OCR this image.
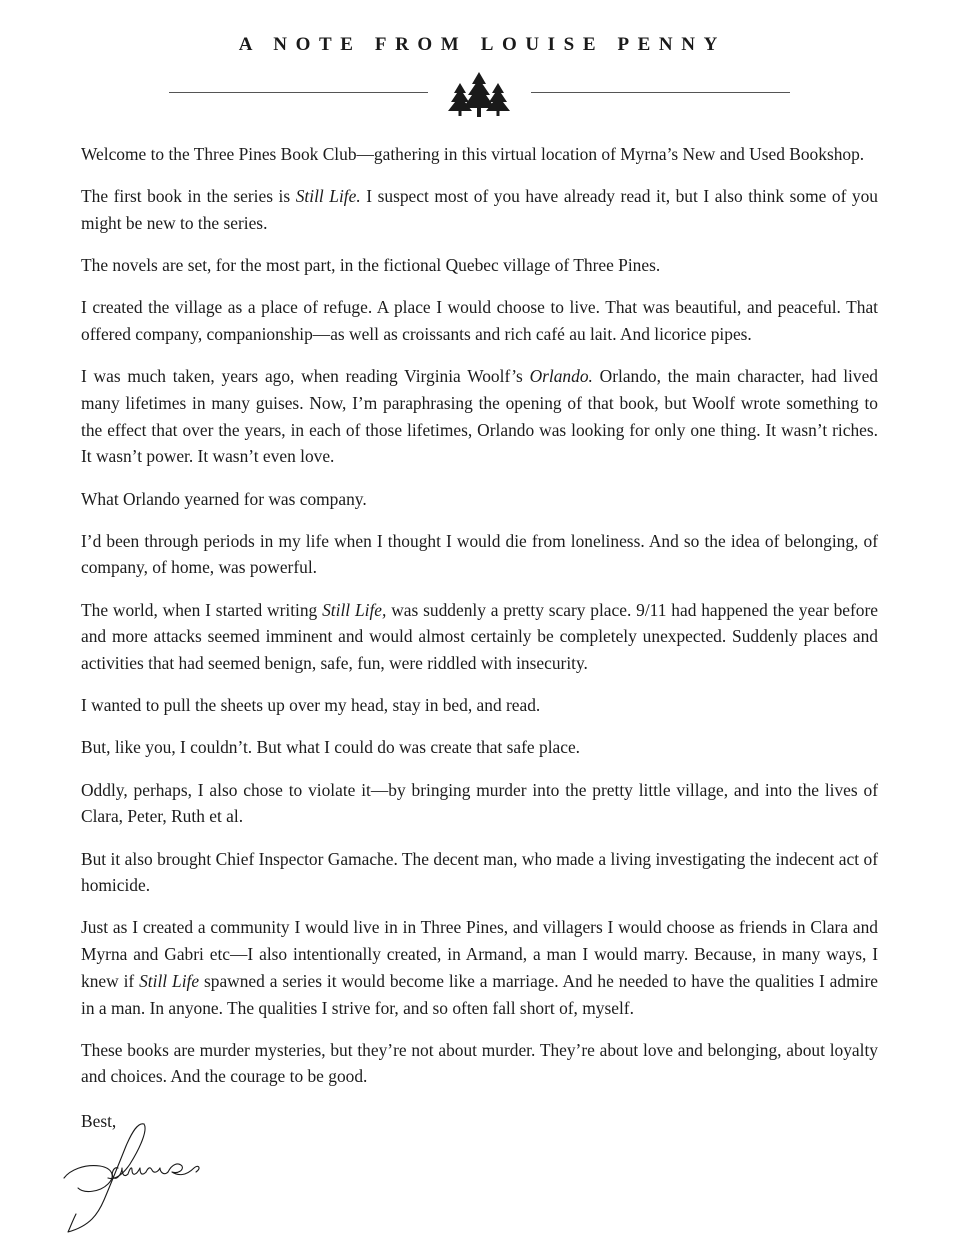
A NOTE FROM LOUISE PENNY

Welcome to the Three Pines Book Club—gathering in this virtual location of Myrna’s New and Used Bookshop.

The first book in the series is Still Life. I suspect most of you have already read it, but I also think some of you might be new to the series.

The novels are set, for the most part, in the fictional Quebec village of Three Pines.

I created the village as a place of refuge. A place I would choose to live. That was beautiful, and peaceful. That offered company, companionship—as well as croissants and rich café au lait. And licorice pipes.

I was much taken, years ago, when reading Virginia Woolf’s Orlando. Orlando, the main character, had lived many lifetimes in many guises. Now, I’m paraphrasing the opening of that book, but Woolf wrote something to the effect that over the years, in each of those lifetimes, Orlando was looking for only one thing. It wasn’t riches. It wasn’t power. It wasn’t even love.

What Orlando yearned for was company.

I’d been through periods in my life when I thought I would die from loneliness. And so the idea of belonging, of company, of home, was powerful.

The world, when I started writing Still Life, was suddenly a pretty scary place. 9/11 had happened the year before and more attacks seemed imminent and would almost certainly be completely unexpected. Suddenly places and activities that had seemed benign, safe, fun, were riddled with insecurity.

I wanted to pull the sheets up over my head, stay in bed, and read.

But, like you, I couldn’t. But what I could do was create that safe place.

Oddly, perhaps, I also chose to violate it—by bringing murder into the pretty little village, and into the lives of Clara, Peter, Ruth et al.

But it also brought Chief Inspector Gamache. The decent man, who made a living investigating the indecent act of homicide.

Just as I created a community I would live in in Three Pines, and villagers I would choose as friends in Clara and Myrna and Gabri etc—I also intentionally created, in Armand, a man I would marry. Because, in many ways, I knew if Still Life spawned a series it would become like a marriage. And he needed to have the qualities I admire in a man. In anyone. The qualities I strive for, and so often fall short of, myself.

These books are murder mysteries, but they’re not about murder. They’re about love and belonging, about loyalty and choices. And the courage to be good.

Best,
